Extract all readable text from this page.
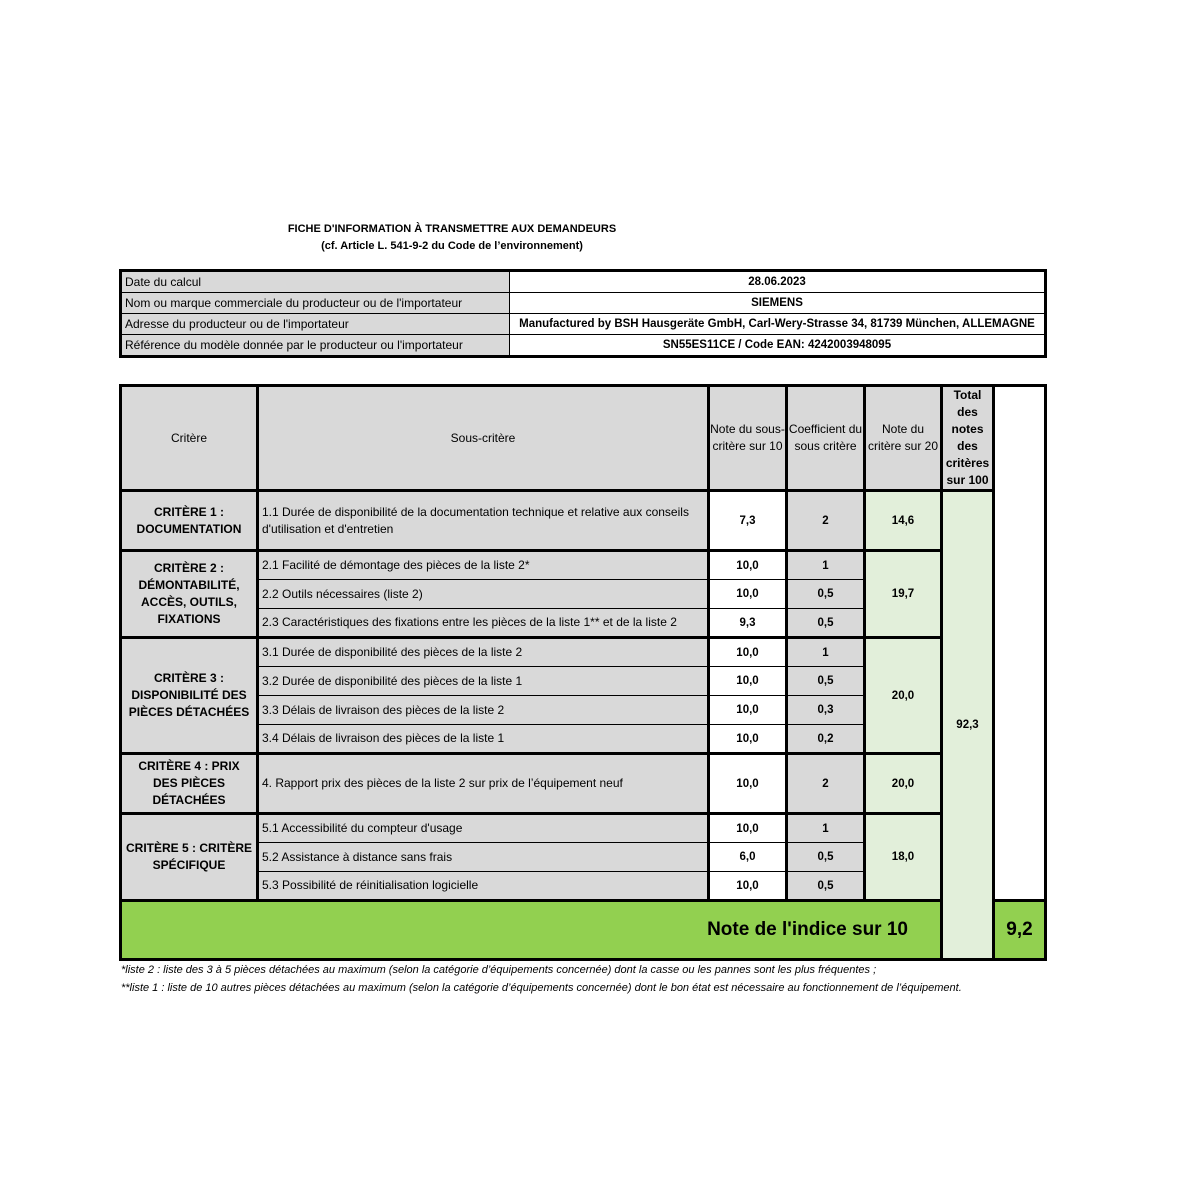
FICHE D'INFORMATION À TRANSMETTRE AUX DEMANDEURS
(cf. Article L. 541-9-2 du Code de l’environnement)
Date du calcul	28.06.2023
Nom ou marque commerciale du producteur ou de l'importateur	SIEMENS
Adresse du producteur ou de l'importateur	Manufactured by BSH Hausgeräte GmbH, Carl-Wery-Strasse 34, 81739 München, ALLEMAGNE
Référence du modèle donnée par le producteur ou l'importateur	SN55ES11CE / Code EAN: 4242003948095
Critère	Sous-critère	Note du sous-critère sur 10	Coefficient du sous critère	Note du critère sur 20	Total des notes des critères sur 100	
CRITÈRE 1 : DOCUMENTATION	1.1 Durée de disponibilité de la documentation technique et relative aux conseils d'utilisation et d'entretien	7,3	2	14,6	92,3	
CRITÈRE 2 : DÉMONTABILITÉ, ACCÈS, OUTILS, FIXATIONS	2.1 Facilité de démontage des pièces de la liste 2*	10,0	1	19,7		
	2.2 Outils nécessaires (liste 2)	10,0	0,5			
	2.3 Caractéristiques des fixations entre les pièces de la liste 1** et de la liste 2	9,3	0,5			
CRITÈRE 3 : DISPONIBILITÉ DES PIÈCES DÉTACHÉES	3.1 Durée de disponibilité des pièces de la liste 2	10,0	1	20,0		
	3.2 Durée de disponibilité des pièces de la liste 1	10,0	0,5			
	3.3 Délais de livraison des pièces de la liste 2	10,0	0,3			
	3.4 Délais de livraison des pièces de la liste 1	10,0	0,2			
CRITÈRE 4 : PRIX DES PIÈCES DÉTACHÉES	4. Rapport prix des pièces de la liste 2 sur prix de l’équipement neuf	10,0	2	20,0		
CRITÈRE 5 : CRITÈRE SPÉCIFIQUE	5.1 Accessibilité du compteur d'usage	10,0	1	18,0		
	5.2 Assistance à distance sans frais	6,0	0,5			
	5.3 Possibilité de réinitialisation logicielle	10,0	0,5			
Note de l'indice sur 10						9,2

*liste 2 : liste des 3 à 5 pièces détachées au maximum (selon la catégorie d’équipements concernée) dont la casse ou les pannes sont les plus fréquentes ;

**liste 1 : liste de 10 autres pièces détachées au maximum (selon la catégorie d’équipements concernée) dont le bon état est nécessaire au fonctionnement de l’équipement.
